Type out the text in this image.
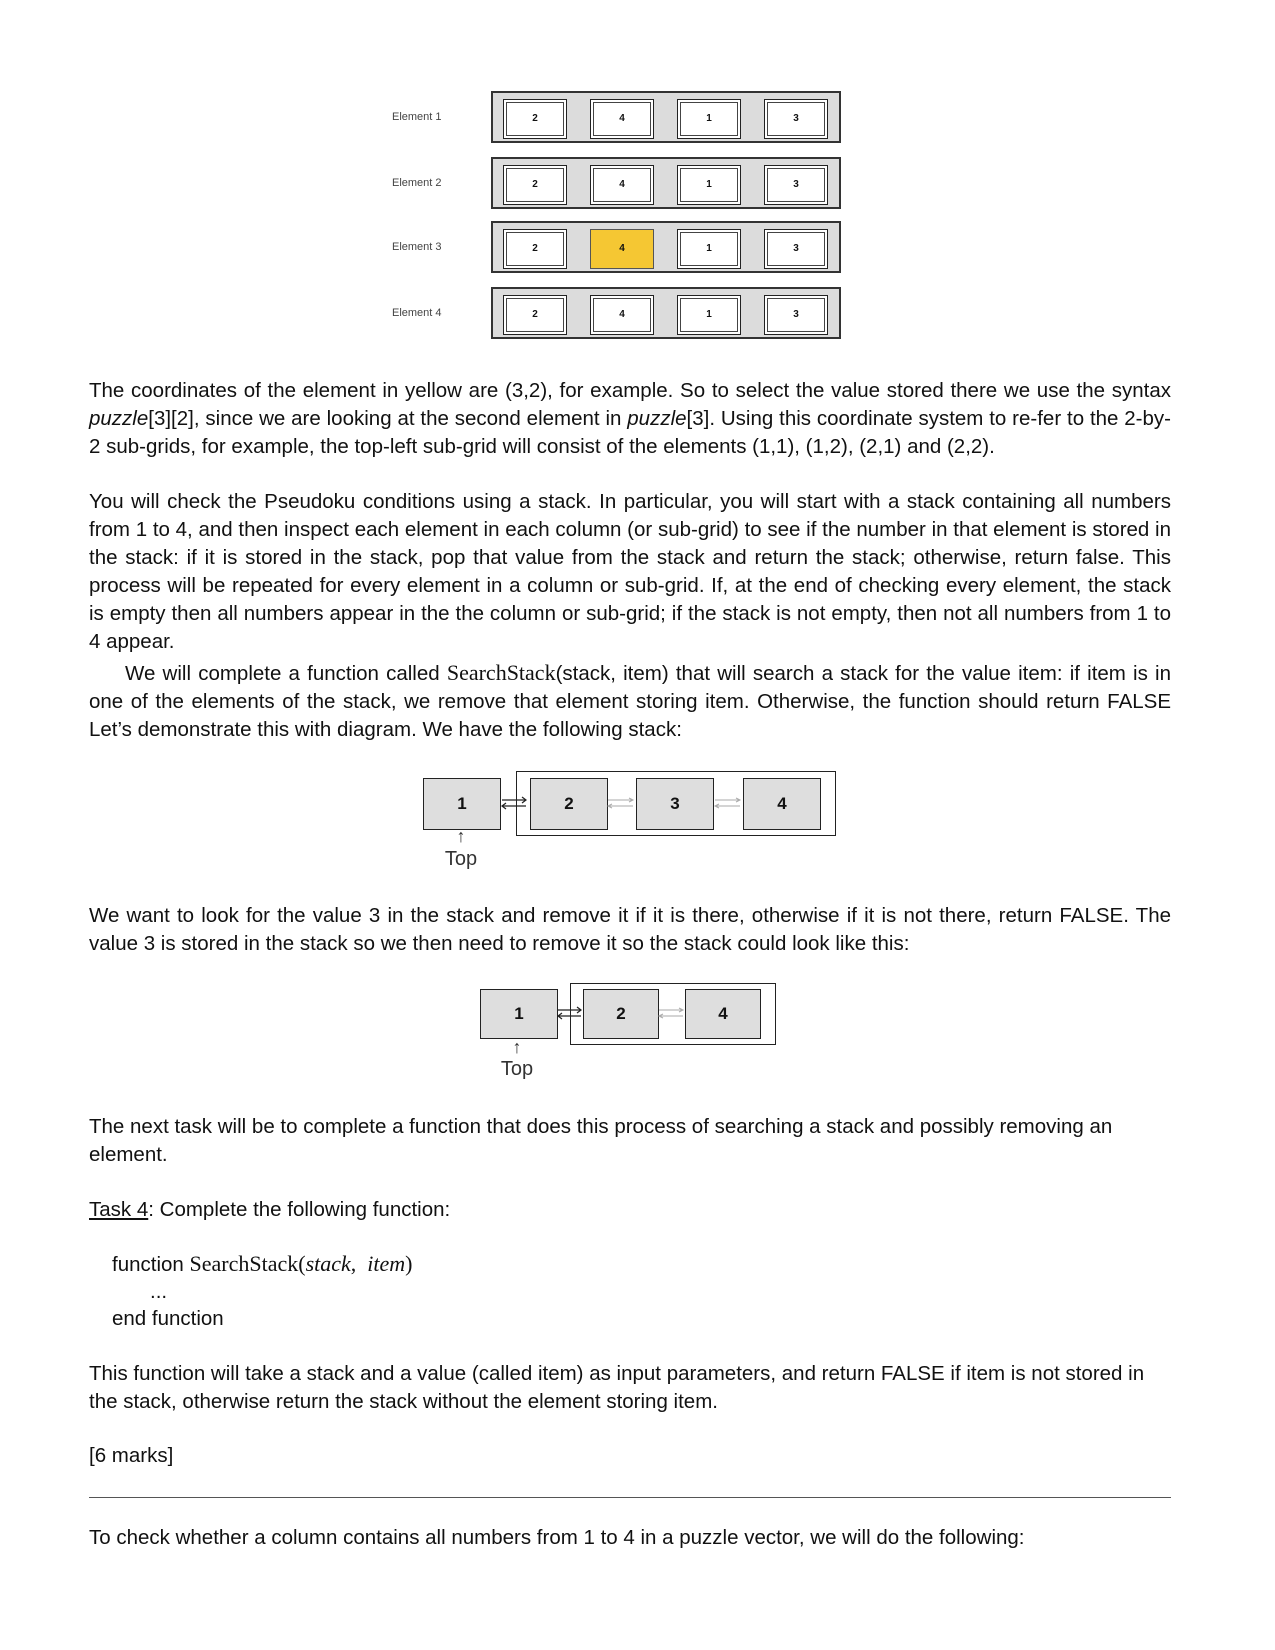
Element 1	2	4	1	3
Element 2	2	4	1	3
Element 3	2	4	1	3
Element 4	2	4	1	3

The coordinates of the element in yellow are (3,2), for example. So to select the value stored there we use the syntax puzzle[3][2], since we are looking at the second element in puzzle[3]. Using this coordinate system to re-fer to the 2-by-2 sub-grids, for example, the top-left sub-grid will consist of the elements (1,1), (1,2), (2,1) and (2,2).

You will check the Pseudoku conditions using a stack. In particular, you will start with a stack containing all numbers from 1 to 4, and then inspect each element in each column (or sub-grid) to see if the number in that element is stored in the stack: if it is stored in the stack, pop that value from the stack and return the stack; otherwise, return false. This process will be repeated for every element in a column or sub-grid. If, at the end of checking every element, the stack is empty then all numbers appear in the the column or sub-grid; if the stack is not empty, then not all numbers from 1 to 4 appear.

We will complete a function called SearchStack(stack, item) that will search a stack for the value item: if item is in one of the elements of the stack, we remove that element storing item. Otherwise, the function should return FALSE Let’s demonstrate this with diagram. We have the following stack:

1	2	3	4
↑
Top

We want to look for the value 3 in the stack and remove it if it is there, otherwise if it is not there, return FALSE. The value 3 is stored in the stack so we then need to remove it so the stack could look like this:

1	2	4
↑
Top

The next task will be to complete a function that does this process of searching a stack and possibly removing an element.

Task 4: Complete the following function:

function SearchStack(stack,  item)
...
end function

This function will take a stack and a value (called item) as input parameters, and return FALSE if item is not stored in the stack, otherwise return the stack without the element storing item.

[6 marks]

To check whether a column contains all numbers from 1 to 4 in a puzzle vector, we will do the following:
